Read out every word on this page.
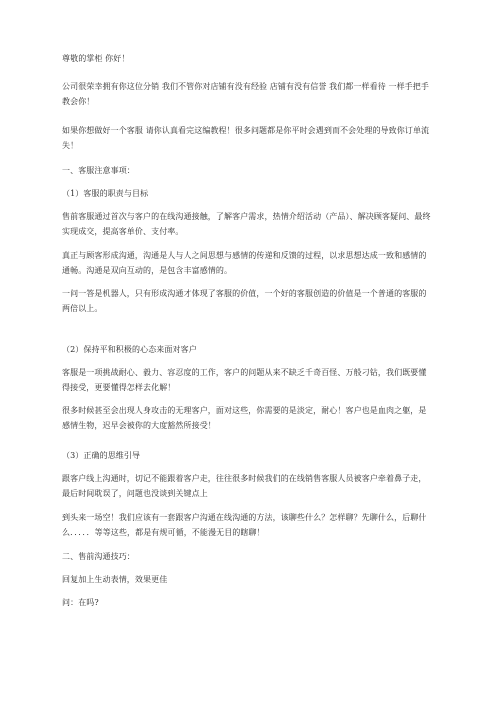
尊敬的掌柜 你好！

公司很荣幸拥有你这位分销 我们不管你对店铺有没有经验 店铺有没有信誉 我们都一样看待 一样手把手教会你！

如果你想做好一个客服 请你认真看完这编教程！很多问题都是你平时会遇到而不会处理的导致你订单流失！

一、客服注意事项：

（1）客服的职责与目标

售前客服通过首次与客户的在线沟通接触，了解客户需求，热情介绍活动（产品）、解决顾客疑问、最终实现成交，提高客单价、支付率。

真正与顾客形成沟通，沟通是人与人之间思想与感情的传递和反馈的过程，以求思想达成一致和感情的通畅。沟通是双向互动的，是包含丰富感情的。

一问一答是机器人，只有形成沟通才体现了客服的价值，一个好的客服创造的价值是一个普通的客服的两倍以上。

（2）保持平和积极的心态来面对客户

客服是一项挑战耐心、毅力、容忍度的工作，客户的问题从来不缺乏千奇百怪、万般刁钻，我们既要懂得接受，更要懂得怎样去化解！

很多时候甚至会出现人身攻击的无理客户，面对这些，你需要的是淡定，耐心！客户也是血肉之躯，是感情生物，迟早会被你的大度豁然所接受！

（3）正确的思维引导

跟客户线上沟通时，切记不能跟着客户走，往往很多时候我们的在线销售客服人员被客户牵着鼻子走，最后时间耽误了，问题也没谈到关键点上

到头来一场空！我们应该有一套跟客户沟通在线沟通的方法，该聊些什么？怎样聊？先聊什么，后聊什么．．．．．等等这些，都是有规可循，不能漫无目的瞎聊！

二、售前沟通技巧：

回复加上生动表情，效果更佳

问：在吗?
